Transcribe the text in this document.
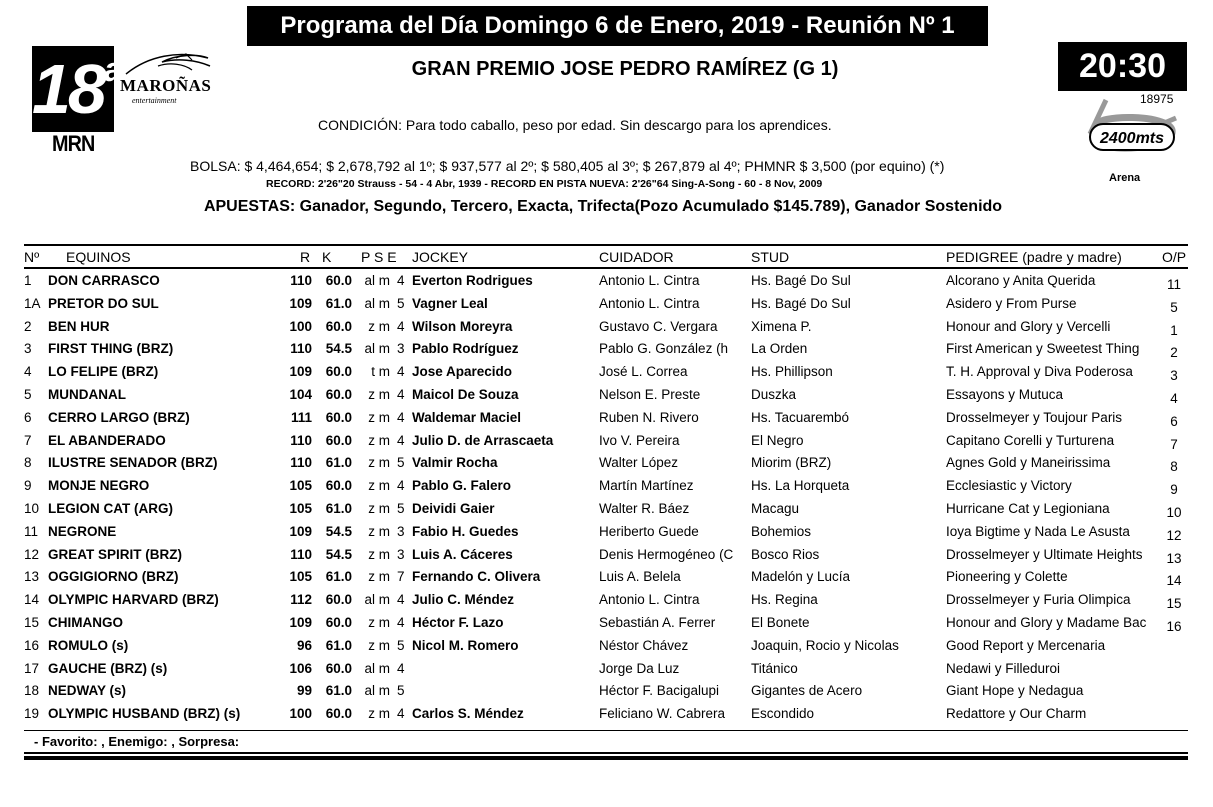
Programa del Día Domingo 6 de Enero, 2019 - Reunión Nº 1
18$^a$
MRN
MAROÑAS
entertainment
GRAN PREMIO JOSE PEDRO RAMÍREZ (G 1)	20:30
18975
2400mts
Arena
CONDICIÓN: Para todo caballo, peso por edad. Sin descargo para los aprendices.
BOLSA: $ 4,464,654; $ 2,678,792 al 1º; $ 937,577 al 2º; $ 580,405 al 3º; $ 267,879 al 4º; PHMNR $ 3,500 (por equino) (*)
RECORD: 2'26"20 Strauss - 54 - 4 Abr, 1939 - RECORD EN PISTA NUEVA: 2'26"64 Sing-A-Song - 60 - 8 Nov, 2009
APUESTAS: Ganador, Segundo, Tercero, Exacta, Trifecta(Pozo Acumulado $145.789), Ganador Sostenido
Nº EQUINOS	R K P S E JOCKEY	CUIDADOR	STUD	PEDIGREE (padre y madre)	O/P
1 DON CARRASCO	110 60.0 al m 4 Everton Rodrigues	Antonio L. Cintra	Hs. Bagé Do Sul	Alcorano y Anita Querida	11
1A PRETOR DO SUL	109 61.0 al m 5 Vagner Leal	Antonio L. Cintra	Hs. Bagé Do Sul	Asidero y From Purse	5
2 BEN HUR	100 60.0	z m 4 Wilson Moreyra	Gustavo C. Vergara	Ximena P.	Honour and Glory y Vercelli	1
3 FIRST THING (BRZ)	110 54.5 al m 3 Pablo Rodríguez	Pablo G. González (h	La Orden	First American y Sweetest Thing	2
4 LO FELIPE (BRZ)	109 60.0	t m 4 Jose Aparecido	José L. Correa	Hs. Phillipson	T. H. Approval y Diva Poderosa	3
5 MUNDANAL	104 60.0	z m 4 Maicol De Souza	Nelson E. Preste	Duszka	Essayons y Mutuca	4
6 CERRO LARGO (BRZ)	111 60.0	z m 4 Waldemar Maciel	Ruben N. Rivero	Hs. Tacuarembó	Drosselmeyer y Toujour Paris	6
7 EL ABANDERADO	110 60.0	z m 4 Julio D. de Arrascaeta	Ivo V. Pereira	El Negro	Capitano Corelli y Turturena	7
8 ILUSTRE SENADOR (BRZ)	110 61.0	z m 5 Valmir Rocha	Walter López	Miorim (BRZ)	Agnes Gold y Maneirissima	8
9 MONJE NEGRO	105 60.0	z m 4 Pablo G. Falero	Martín Martínez	Hs. La Horqueta	Ecclesiastic y Victory	9
10 LEGION CAT (ARG)	105 61.0	z m 5 Deividi Gaier	Walter R. Báez	Macagu	Hurricane Cat y Legioniana	10
11 NEGRONE	109 54.5	z m 3 Fabio H. Guedes	Heriberto Guede	Bohemios	Ioya Bigtime y Nada Le Asusta	12
12 GREAT SPIRIT (BRZ)	110 54.5	z m 3 Luis A. Cáceres	Denis Hermogéneo (C	Bosco Rios	Drosselmeyer y Ultimate Heights	13
13 OGGIGIORNO (BRZ)	105 61.0	z m 7 Fernando C. Olivera	Luis A. Belela	Madelón y Lucía	Pioneering y Colette	14
14 OLYMPIC HARVARD (BRZ)	112 60.0 al m 4 Julio C. Méndez	Antonio L. Cintra	Hs. Regina	Drosselmeyer y Furia Olimpica	15
15 CHIMANGO	109 60.0	z m 4 Héctor F. Lazo	Sebastián A. Ferrer	El Bonete	Honour and Glory y Madame Bac	16
16 ROMULO (s)	96 61.0	z m 5 Nicol M. Romero	Néstor Chávez	Joaquin, Rocio y Nicolas	Good Report y Mercenaria
17 GAUCHE (BRZ) (s)	106 60.0 al m 4	Jorge Da Luz	Titánico	Nedawi y Filleduroi
18 NEDWAY (s)	99 61.0 al m 5	Héctor F. Bacigalupi	Gigantes de Acero	Giant Hope y Nedagua
19 OLYMPIC HUSBAND (BRZ) (s)	100 60.0	z m 4 Carlos S. Méndez	Feliciano W. Cabrera	Escondido	Redattore y Our Charm
- Favorito: , Enemigo: , Sorpresa:
